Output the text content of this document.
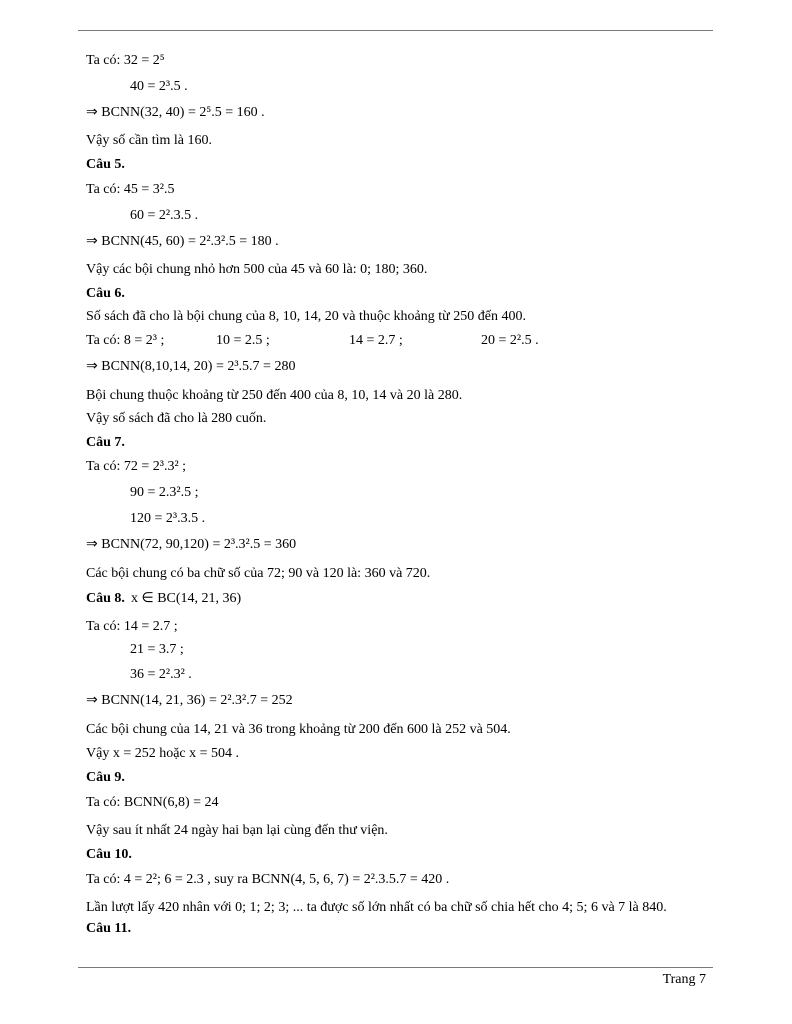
Ta có: 32 = 2⁵
40 = 2³.5 .
⇒ BCNN(32, 40) = 2⁵.5 = 160 .
Vậy số cần tìm là 160.
Câu 5.
Ta có: 45 = 3².5
60 = 2².3.5 .
⇒ BCNN(45, 60) = 2².3².5 = 180 .
Vậy các bội chung nhỏ hơn 500 của 45 và 60 là: 0; 180; 360.
Câu 6.
Số sách đã cho là bội chung của 8, 10, 14, 20 và thuộc khoảng từ 250 đến 400.
Ta có: 8 = 2³ ;	10 = 2.5 ;	14 = 2.7 ;	20 = 2².5 .
⇒ BCNN(8,10,14, 20) = 2³.5.7 = 280
Bội chung thuộc khoảng từ 250 đến 400 của 8, 10, 14 và 20 là 280.
Vậy số sách đã cho là 280 cuốn.
Câu 7.
Ta có: 72 = 2³.3² ;
90 = 2.3².5 ;
120 = 2³.3.5 .
⇒ BCNN(72, 90,120) = 2³.3².5 = 360
Các bội chung có ba chữ số của 72; 90 và 120 là: 360 và 720.
Câu 8. x ∈ BC(14, 21, 36)
Ta có: 14 = 2.7 ;
21 = 3.7 ;
36 = 2².3² .
⇒ BCNN(14, 21, 36) = 2².3².7 = 252
Các bội chung của 14, 21 và 36 trong khoảng từ 200 đến 600 là 252 và 504.
Vậy x = 252 hoặc x = 504 .
Câu 9.
Ta có: BCNN(6,8) = 24
Vậy sau ít nhất 24 ngày hai bạn lại cùng đến thư viện.
Câu 10.
Ta có: 4 = 2²; 6 = 2.3 , suy ra BCNN(4, 5, 6, 7) = 2².3.5.7 = 420 .
Lần lượt lấy 420 nhân với 0; 1; 2; 3; ... ta được số lớn nhất có ba chữ số chia hết cho 4; 5; 6 và 7 là 840.
Câu 11.
Trang 7
